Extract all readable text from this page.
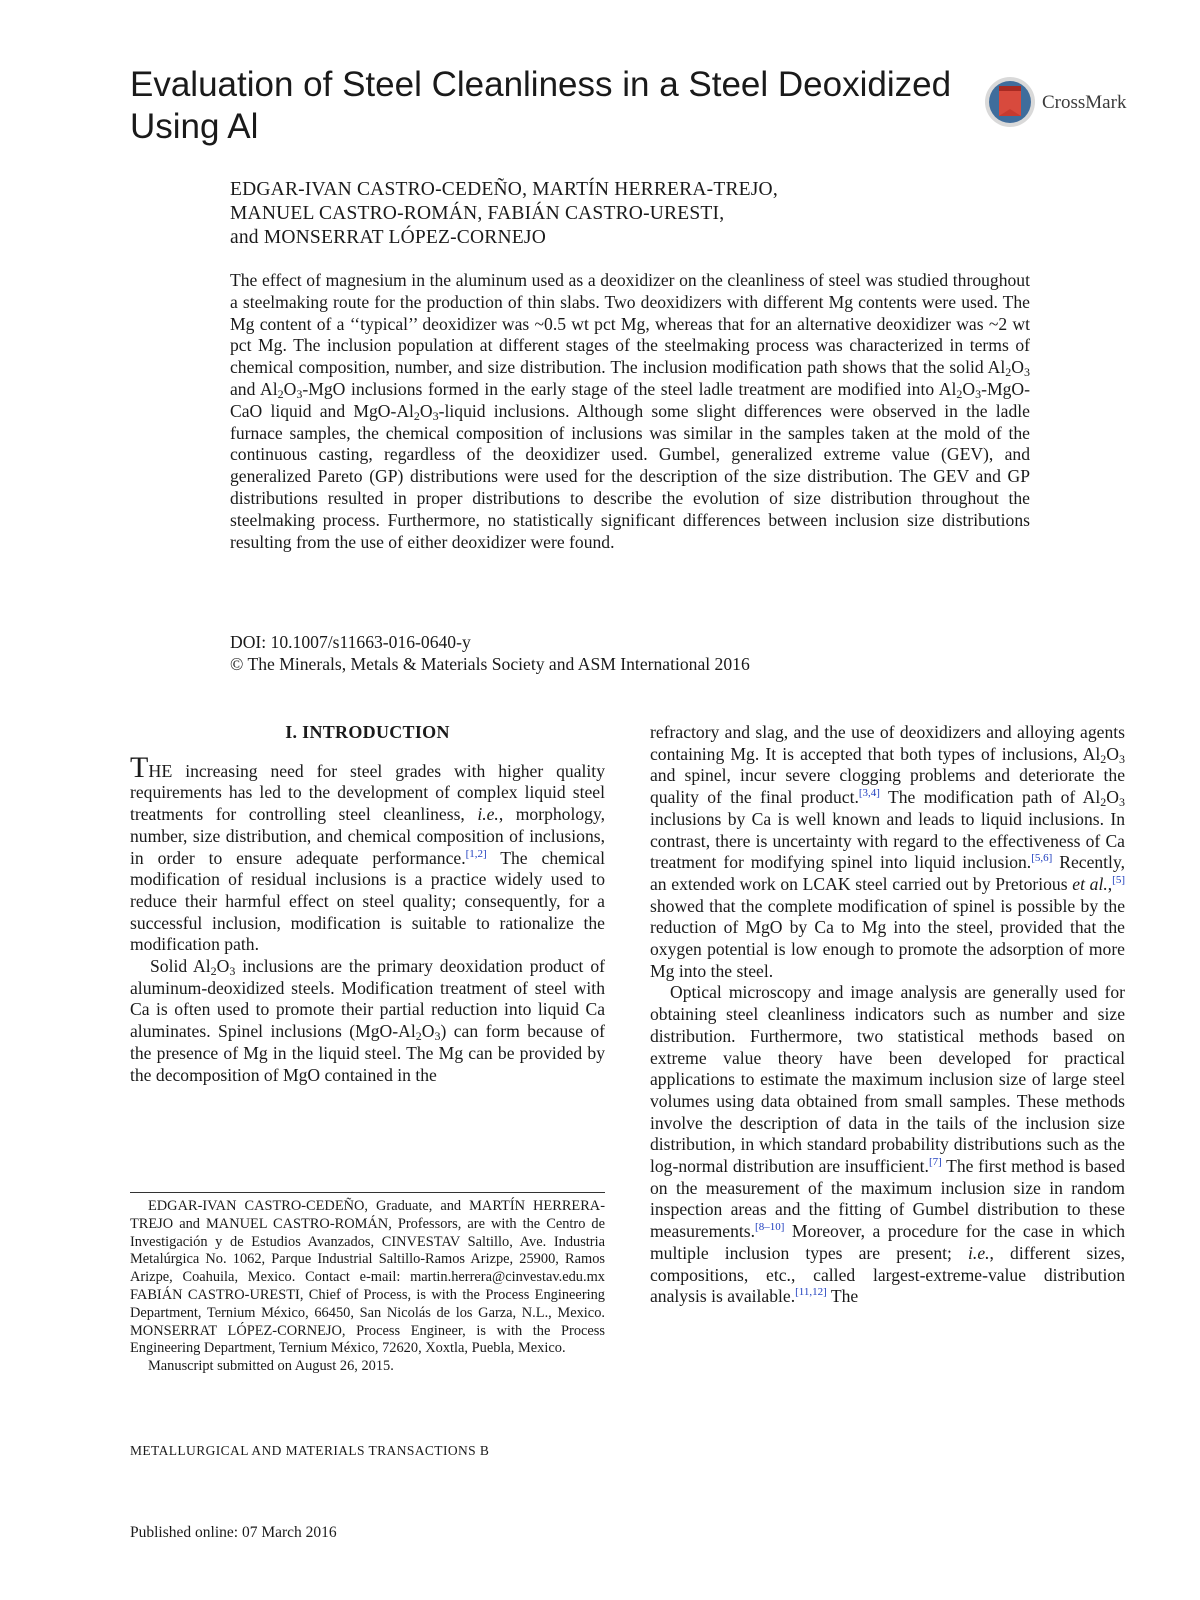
Evaluation of Steel Cleanliness in a Steel Deoxidized Using Al
CrossMark
EDGAR-IVAN CASTRO-CEDEÑO, MARTÍN HERRERA-TREJO,
MANUEL CASTRO-ROMÁN, FABIÁN CASTRO-URESTI,
and MONSERRAT LÓPEZ-CORNEJO

The effect of magnesium in the aluminum used as a deoxidizer on the cleanliness of steel was studied throughout a steelmaking route for the production of thin slabs. Two deoxidizers with different Mg contents were used. The Mg content of a ‘‘typical’’ deoxidizer was ~0.5 wt pct Mg, whereas that for an alternative deoxidizer was ~2 wt pct Mg. The inclusion population at different stages of the steelmaking process was characterized in terms of chemical composition, number, and size distribution. The inclusion modification path shows that the solid $Al_2O_3$ and $Al_2O_3$-MgO inclusions formed in the early stage of the steel ladle treatment are modified into $Al_2O_3-MgO$-CaO liquid and MgO-$Al_2O_3$-liquid inclusions. Although some slight differences were observed in the ladle furnace samples, the chemical composition of inclusions was similar in the samples taken at the mold of the continuous casting, regardless of the deoxidizer used. Gumbel, generalized extreme value (GEV), and generalized Pareto (GP) distributions were used for the description of the size distribution. The GEV and GP distributions resulted in proper distributions to describe the evolution of size distribution throughout the steelmaking process. Furthermore, no statistically significant differences between inclusion size distributions resulting from the use of either deoxidizer were found.

DOI: 10.1007/s11663-016-0640-y
© The Minerals, Metals & Materials Society and ASM International 2016
I. INTRODUCTION

THE increasing need for steel grades with higher quality requirements has led to the development of complex liquid steel treatments for controlling steel cleanliness, i.e., morphology, number, size distribution, and chemical composition of inclusions, in order to ensure adequate performance.[1,2] The chemical modification of residual inclusions is a practice widely used to reduce their harmful effect on steel quality; consequently, for a successful inclusion, modification is suitable to rationalize the modification path.

Solid $Al_2O_3$ inclusions are the primary deoxidation product of aluminum-deoxidized steels. Modification treatment of steel with Ca is often used to promote their partial reduction into liquid Ca aluminates. Spinel inclusions $(MgO-Al_2O_3)$ can form because of the presence of Mg in the liquid steel. The Mg can be provided by the decomposition of MgO contained in the

refractory and slag, and the use of deoxidizers and alloying agents containing Mg. It is accepted that both types of inclusions, $Al_2O_3$ and spinel, incur severe clogging problems and deteriorate the quality of the final product.[3,4] The modification path of $Al_2O_3$ inclusions by Ca is well known and leads to liquid inclusions. In contrast, there is uncertainty with regard to the effectiveness of Ca treatment for modifying spinel into liquid inclusion.[5,6] Recently, an extended work on LCAK steel carried out by Pretorious et al.,[5] showed that the complete modification of spinel is possible by the reduction of MgO by Ca to Mg into the steel, provided that the oxygen potential is low enough to promote the adsorption of more Mg into the steel.

Optical microscopy and image analysis are generally used for obtaining steel cleanliness indicators such as number and size distribution. Furthermore, two statistical methods based on extreme value theory have been developed for practical applications to estimate the maximum inclusion size of large steel volumes using data obtained from small samples. These methods involve the description of data in the tails of the inclusion size distribution, in which standard probability distributions such as the log-normal distribution are insufficient.[7] The first method is based on the measurement of the maximum inclusion size in random inspection areas and the fitting of Gumbel distribution to these measurements.[8–10] Moreover, a procedure for the case in which multiple inclusion types are present; i.e., different sizes, compositions, etc., called largest-extreme-value distribution analysis is available.[11,12] The

EDGAR-IVAN CASTRO-CEDEÑO, Graduate, and MARTÍN HERRERA-TREJO and MANUEL CASTRO-ROMÁN, Professors, are with the Centro de Investigación y de Estudios Avanzados, CINVESTAV Saltillo, Ave. Industria Metalúrgica No. 1062, Parque Industrial Saltillo-Ramos Arizpe, 25900, Ramos Arizpe, Coahuila, Mexico. Contact e-mail: martin.herrera@cinvestav.edu.mx FABIÁN CASTRO-URESTI, Chief of Process, is with the Process Engineering Department, Ternium México, 66450, San Nicolás de los Garza, N.L., Mexico. MONSERRAT LÓPEZ-CORNEJO, Process Engineer, is with the Process Engineering Department, Ternium México, 72620, Xoxtla, Puebla, Mexico.

Manuscript submitted on August 26, 2015.

METALLURGICAL AND MATERIALS TRANSACTIONS B
Published online: 07 March 2016
